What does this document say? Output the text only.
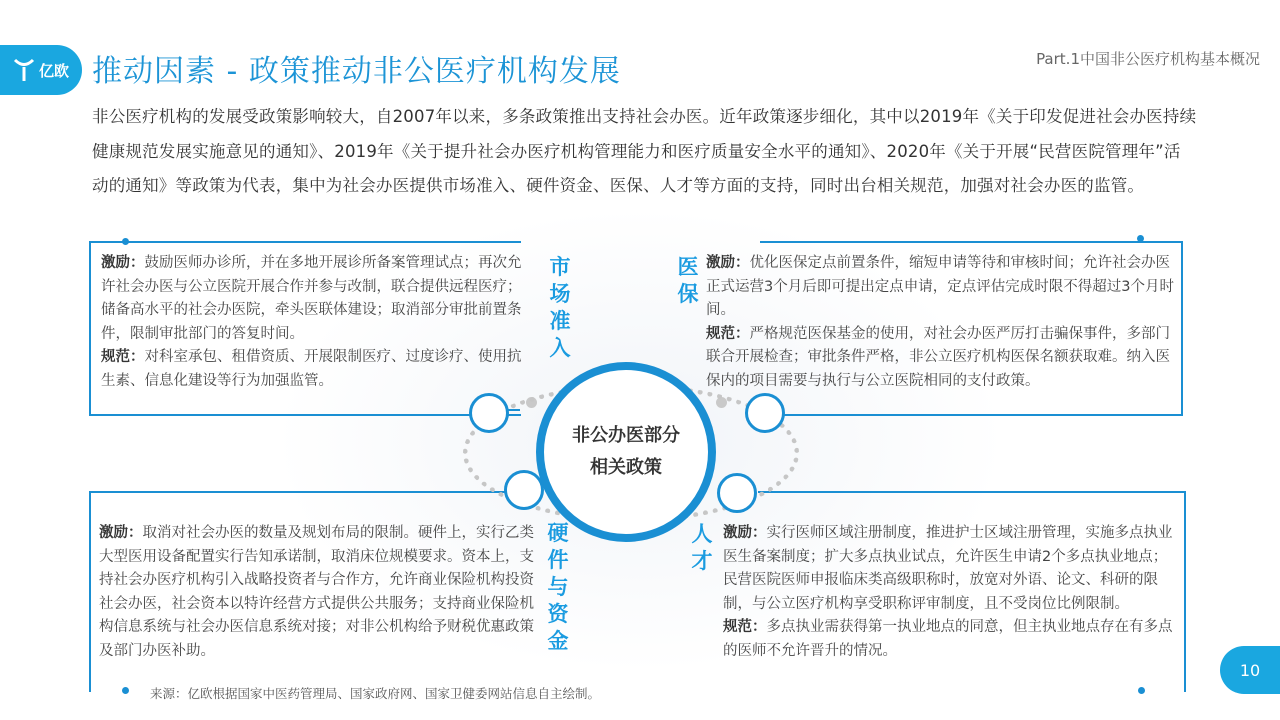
亿欧 推动因素 - 政策推动非公医疗机构发展	Part.1中国非公医疗机构基本概况
非公医疗机构的发展受政策影响较大，自2007年以来，多条政策推出支持社会办医。近年政策逐步细化，其中以2019年《关于印发促进社会办医持续健康规范发展实施意见的通知》、2019年《关于提升社会办医疗机构管理能力和医疗质量安全水平的通知》、2020年《关于开展“民营医院管理年”活动的通知》等政策为代表，集中为社会办医提供市场准入、硬件资金、医保、人才等方面的支持，同时出台相关规范，加强对社会办医的监管。
非公办医部分
相关政策
市
场
准
入
医
保
硬
件
与
资
金
人
才
激励：鼓励医师办诊所，并在多地开展诊所备案管理试点；再次允许社会办医与公立医院开展合作并参与改制，联合提供远程医疗；储备高水平的社会办医院，牵头医联体建设；取消部分审批前置条件，限制审批部门的答复时间。
规范：对科室承包、租借资质、开展限制医疗、过度诊疗、使用抗生素、信息化建设等行为加强监管。
激励：优化医保定点前置条件，缩短申请等待和审核时间；允许社会办医正式运营3个月后即可提出定点申请，定点评估完成时限不得超过3个月时间。
规范：严格规范医保基金的使用，对社会办医严厉打击骗保事件，多部门联合开展检查；审批条件严格，非公立医疗机构医保名额获取难。纳入医保内的项目需要与执行与公立医院相同的支付政策。
激励：取消对社会办医的数量及规划布局的限制。硬件上，实行乙类大型医用设备配置实行告知承诺制，取消床位规模要求。资本上，支持社会办医疗机构引入战略投资者与合作方，允许商业保险机构投资社会办医，社会资本以特许经营方式提供公共服务；支持商业保险机构信息系统与社会办医信息系统对接；对非公机构给予财税优惠政策及部门办医补助。
激励：实行医师区域注册制度，推进护士区域注册管理，实施多点执业医生备案制度；扩大多点执业试点，允许医生申请2个多点执业地点；民营医院医师申报临床类高级职称时，放宽对外语、论文、科研的限制，与公立医疗机构享受职称评审制度，且不受岗位比例限制。
规范：多点执业需获得第一执业地点的同意，但主执业地点存在有多点的医师不允许晋升的情况。
来源：亿欧根据国家中医药管理局、国家政府网、国家卫健委网站信息自主绘制。
10
